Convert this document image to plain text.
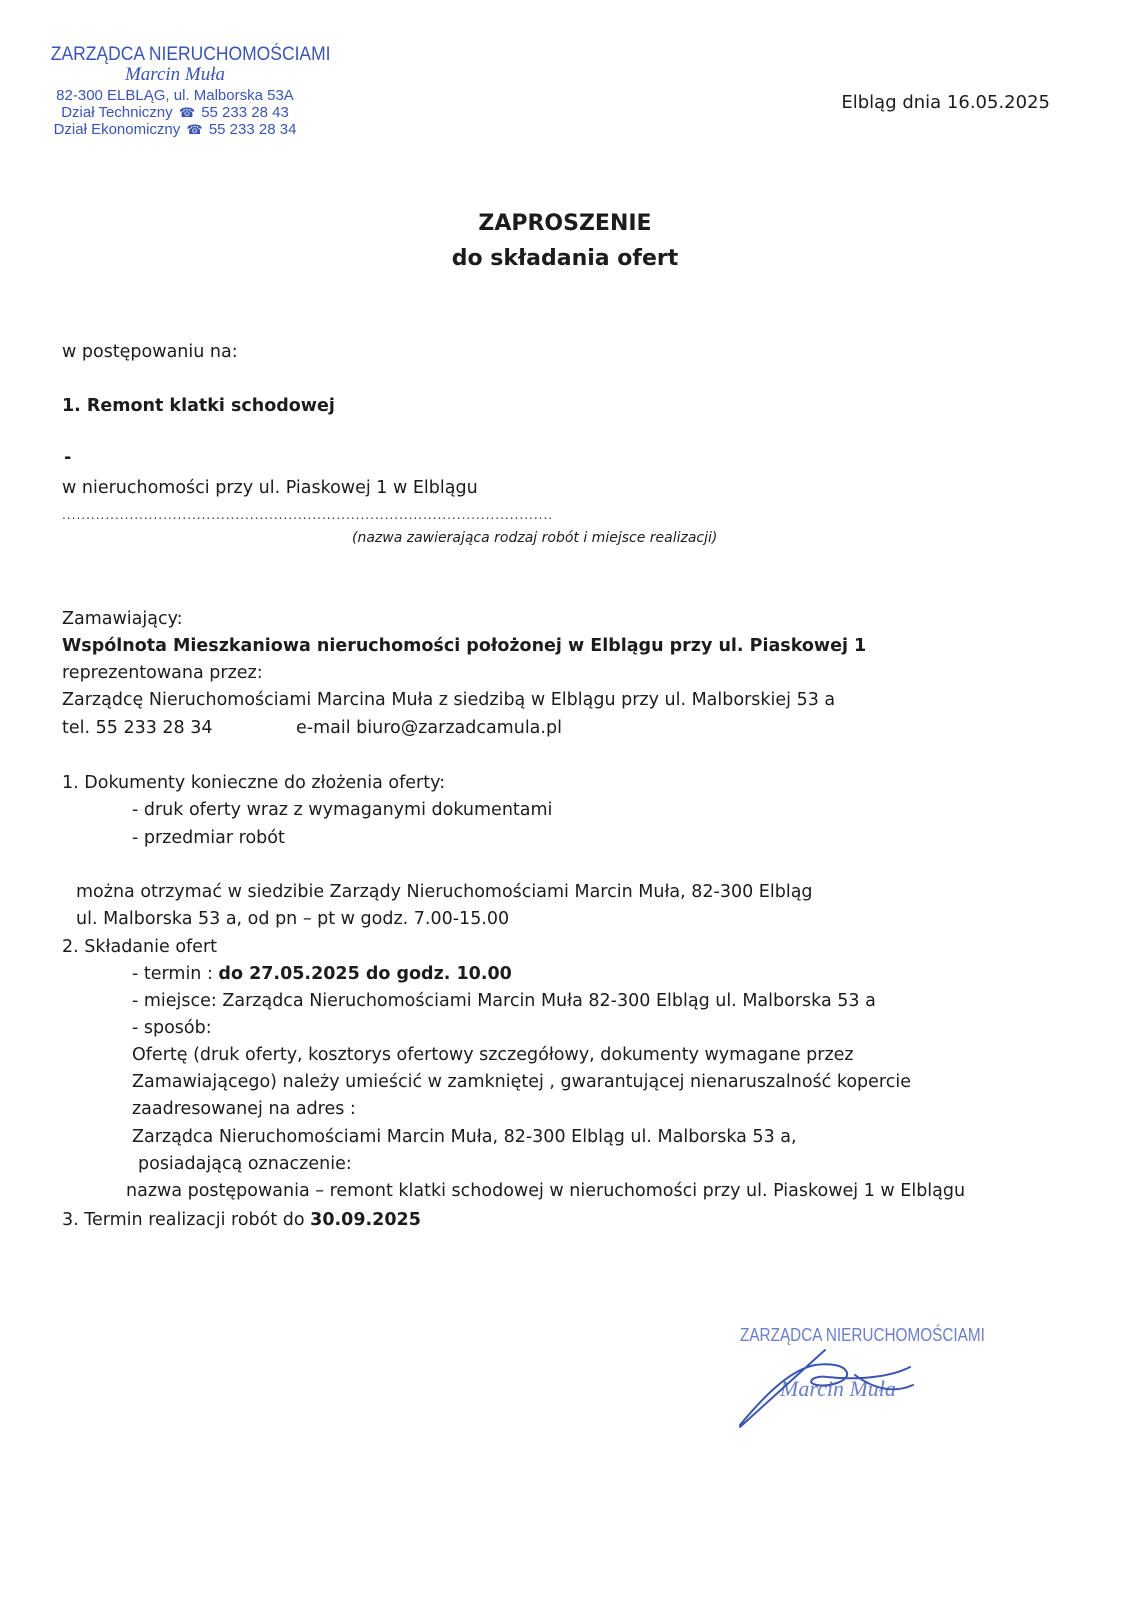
ZARZĄDCA NIERUCHOMOŚCIAMI
Marcin Muła
82-300 ELBLĄG, ul. Malborska 53A
Dział Techniczny ☎ 55 233 28 43
Dział Ekonomiczny ☎ 55 233 28 34
Elbląg dnia 16.05.2025
ZAPROSZENIE
do składania ofert
w postępowaniu na:
1. Remont klatki schodowej
-
w nieruchomości przy ul. Piaskowej 1 w Elblągu
......................................................................................................
(nazwa zawierająca rodzaj robót i miejsce realizacji)
Zamawiający:
Wspólnota Mieszkaniowa nieruchomości położonej w Elblągu przy ul. Piaskowej 1
reprezentowana przez:
Zarządcę Nieruchomościami Marcina Muła z siedzibą w Elblągu przy ul. Malborskiej 53 a
tel. 55 233 28 34	e-mail biuro@zarzadcamula.pl
1. Dokumenty konieczne do złożenia oferty:
- druk oferty wraz z wymaganymi dokumentami
- przedmiar robót
można otrzymać w siedzibie Zarządy Nieruchomościami Marcin Muła, 82-300 Elbląg
ul. Malborska 53 a, od pn – pt w godz. 7.00-15.00
2. Składanie ofert
- termin : do 27.05.2025 do godz. 10.00
- miejsce: Zarządca Nieruchomościami Marcin Muła 82-300 Elbląg ul. Malborska 53 a
- sposób:
Ofertę (druk oferty, kosztorys ofertowy szczegółowy, dokumenty wymagane przez
Zamawiającego) należy umieścić w zamkniętej , gwarantującej nienaruszalność kopercie
zaadresowanej na adres :
Zarządca Nieruchomościami Marcin Muła, 82-300 Elbląg ul. Malborska 53 a,
posiadającą oznaczenie:
nazwa postępowania – remont klatki schodowej w nieruchomości przy ul. Piaskowej 1 w Elblągu
3. Termin realizacji robót do 30.09.2025
ZARZĄDCA NIERUCHOMOŚCIAMI
Marcin Muła
